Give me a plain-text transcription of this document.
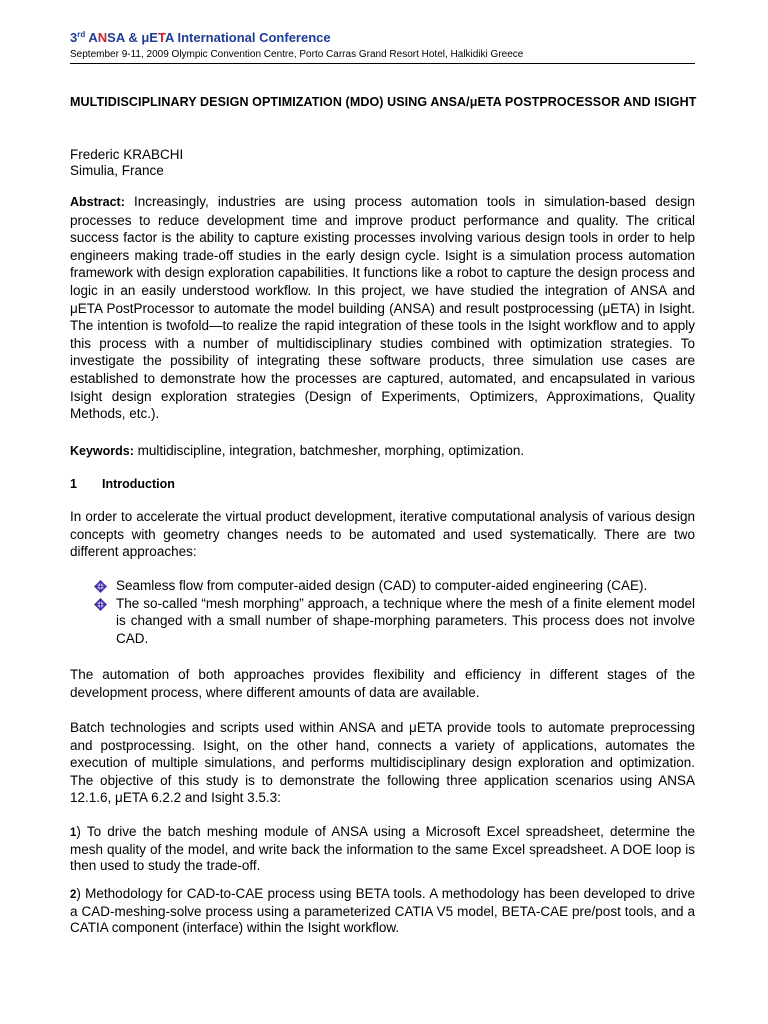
3rd ANSA & μETA International Conference
September 9-11, 2009 Olympic Convention Centre, Porto Carras Grand Resort Hotel, Halkidiki Greece
MULTIDISCIPLINARY DESIGN OPTIMIZATION (MDO) USING ANSA/μETA POSTPROCESSOR AND ISIGHT
Frederic KRABCHI
Simulia, France
Abstract: Increasingly, industries are using process automation tools in simulation-based design processes to reduce development time and improve product performance and quality. The critical success factor is the ability to capture existing processes involving various design tools in order to help engineers making trade-off studies in the early design cycle. Isight is a simulation process automation framework with design exploration capabilities. It functions like a robot to capture the design process and logic in an easily understood workflow. In this project, we have studied the integration of ANSA and μETA PostProcessor to automate the model building (ANSA) and result postprocessing (μETA) in Isight. The intention is twofold—to realize the rapid integration of these tools in the Isight workflow and to apply this process with a number of multidisciplinary studies combined with optimization strategies. To investigate the possibility of integrating these software products, three simulation use cases are established to demonstrate how the processes are captured, automated, and encapsulated in various Isight design exploration strategies (Design of Experiments, Optimizers, Approximations, Quality Methods, etc.).
Keywords: multidiscipline, integration, batchmesher, morphing, optimization.
1 Introduction
In order to accelerate the virtual product development, iterative computational analysis of various design concepts with geometry changes needs to be automated and used systematically. There are two different approaches:
Seamless flow from computer-aided design (CAD) to computer-aided engineering (CAE).
The so-called “mesh morphing” approach, a technique where the mesh of a finite element model is changed with a small number of shape-morphing parameters. This process does not involve CAD.
The automation of both approaches provides flexibility and efficiency in different stages of the development process, where different amounts of data are available.
Batch technologies and scripts used within ANSA and μETA provide tools to automate preprocessing and postprocessing. Isight, on the other hand, connects a variety of applications, automates the execution of multiple simulations, and performs multidisciplinary design exploration and optimization. The objective of this study is to demonstrate the following three application scenarios using ANSA 12.1.6, μETA 6.2.2 and Isight 3.5.3:
1) To drive the batch meshing module of ANSA using a Microsoft Excel spreadsheet, determine the mesh quality of the model, and write back the information to the same Excel spreadsheet. A DOE loop is then used to study the trade-off.
2) Methodology for CAD-to-CAE process using BETA tools. A methodology has been developed to drive a CAD-meshing-solve process using a parameterized CATIA V5 model, BETA-CAE pre/post tools, and a CATIA component (interface) within the Isight workflow.
